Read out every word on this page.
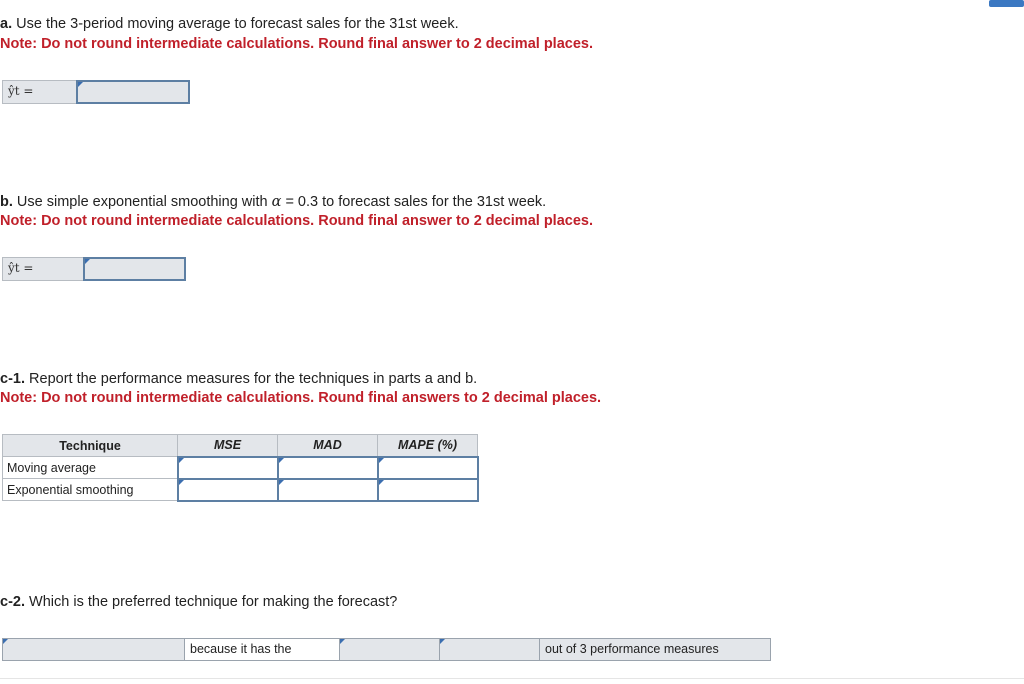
a. Use the 3-period moving average to forecast sales for the 31st week.
Note: Do not round intermediate calculations. Round final answer to 2 decimal places.
ŷt =
b. Use simple exponential smoothing with α = 0.3 to forecast sales for the 31st week.
Note: Do not round intermediate calculations. Round final answer to 2 decimal places.
ŷt =
c-1. Report the performance measures for the techniques in parts a and b.
Note: Do not round intermediate calculations. Round final answers to 2 decimal places.
Technique	MSE	MAD	MAPE (%)
Moving average	

Exponential smoothing	

c-2. Which is the preferred technique for making the forecast?
because it has the	out of 3 performance measures
